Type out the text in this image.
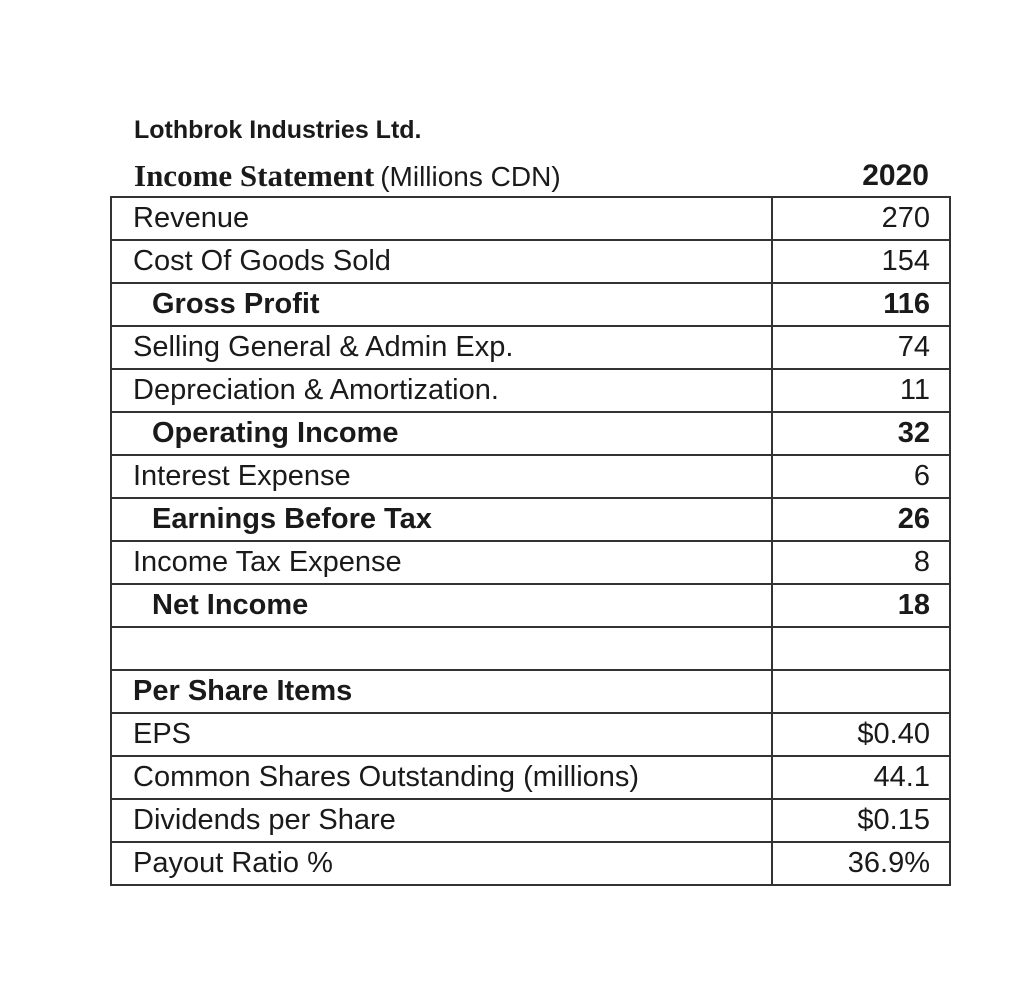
Lothbrok Industries Ltd.
Income Statement (Millions CDN)	2020
Revenue	270
Cost Of Goods Sold	154
Gross Profit	116
Selling General & Admin Exp.	74
Depreciation & Amortization.	11
Operating Income	32
Interest Expense	6
Earnings Before Tax	26
Income Tax Expense	8
Net Income	18

Per Share Items	
EPS	$0.40
Common Shares Outstanding (millions)	44.1
Dividends per Share	$0.15
Payout Ratio %	36.9%
